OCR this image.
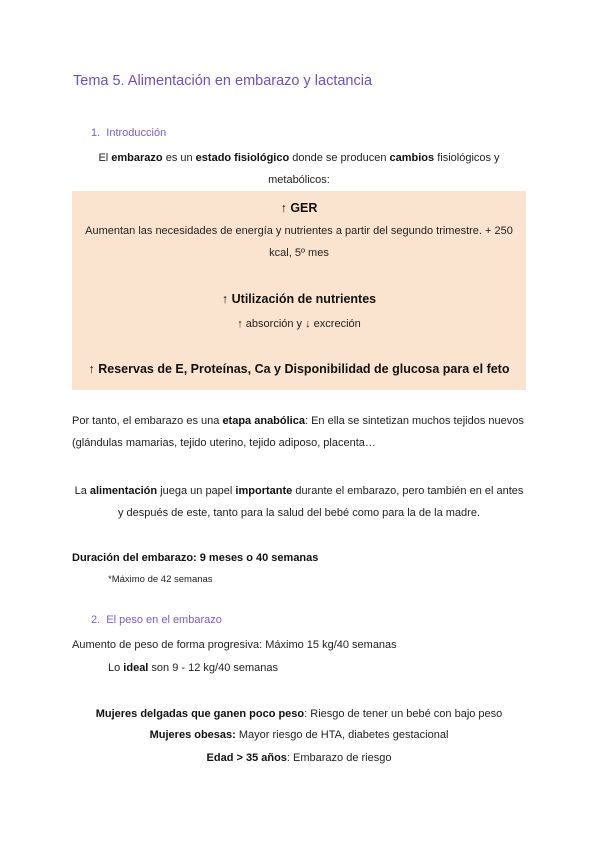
Tema 5. Alimentación en embarazo y lactancia
1.  Introducción
El embarazo es un estado fisiológico donde se producen cambios fisiológicos y
metabólicos:
↑ GER
Aumentan las necesidades de energía y nutrientes a partir del segundo trimestre. + 250
kcal, 5º mes
↑ Utilización de nutrientes
↑ absorción y ↓ excreción
↑ Reservas de E, Proteínas, Ca y Disponibilidad de glucosa para el feto
Por tanto, el embarazo es una etapa anabólica: En ella se sintetizan muchos tejidos nuevos
(glándulas mamarias, tejido uterino, tejido adiposo, placenta…
La alimentación juega un papel importante durante el embarazo, pero también en el antes
y después de este, tanto para la salud del bebé como para la de la madre.
Duración del embarazo: 9 meses o 40 semanas
*Máximo de 42 semanas
2.  El peso en el embarazo
Aumento de peso de forma progresiva: Máximo 15 kg/40 semanas
Lo ideal son 9 - 12 kg/40 semanas
Mujeres delgadas que ganen poco peso: Riesgo de tener un bebé con bajo peso
Mujeres obesas: Mayor riesgo de HTA, diabetes gestacional
Edad > 35 años: Embarazo de riesgo
